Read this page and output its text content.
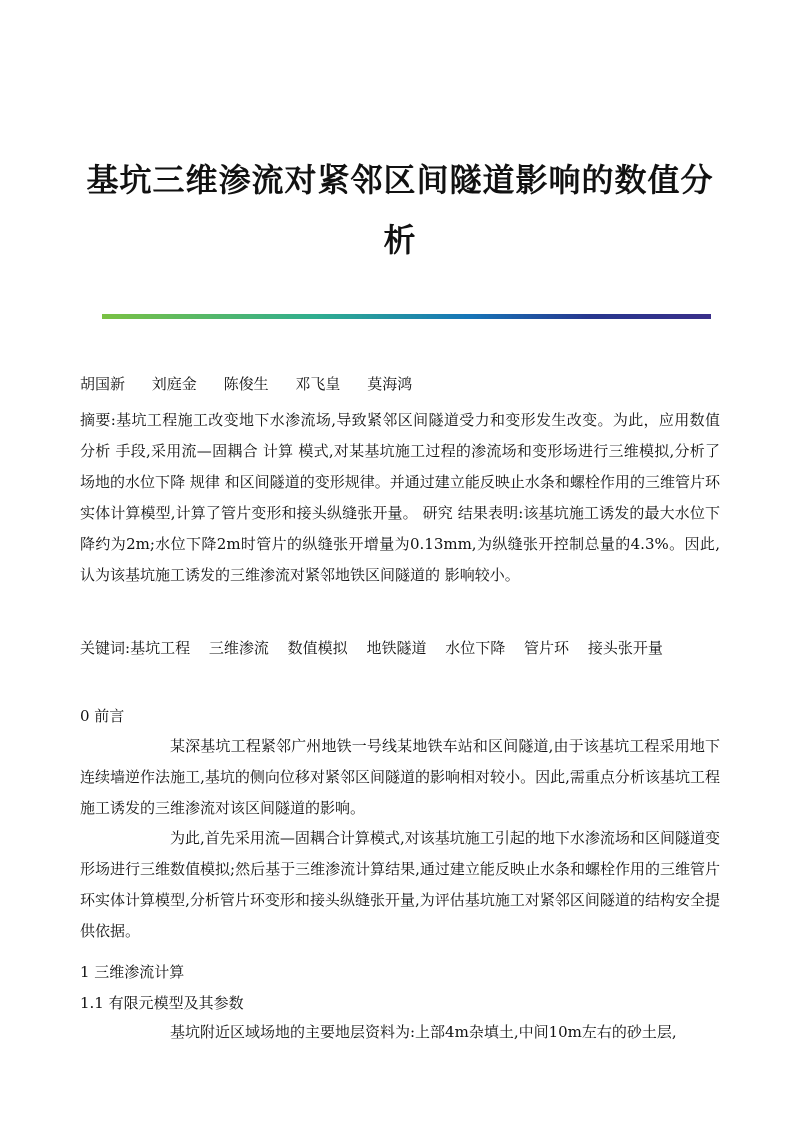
基坑三维渗流对紧邻区间隧道影响的数值分析
胡国新 刘庭金 陈俊生 邓飞皇 莫海鸿

摘要:基坑工程施工改变地下水渗流场,导致紧邻区间隧道受力和变形发生改变。为此，应用数值 分析 手段,采用流—固耦合 计算 模式,对某基坑施工过程的渗流场和变形场进行三维模拟,分析了场地的水位下降 规律 和区间隧道的变形规律。并通过建立能反映止水条和螺栓作用的三维管片环实体计算模型,计算了管片变形和接头纵缝张开量。 研究 结果表明:该基坑施工诱发的最大水位下降约为2m;水位下降2m时管片的纵缝张开增量为0.13mm,为纵缝张开控制总量的4.3%。因此,认为该基坑施工诱发的三维渗流对紧邻地铁区间隧道的 影响较小。

关键词:基坑工程 三维渗流 数值模拟 地铁隧道 水位下降 管片环 接头张开量
0 前言

某深基坑工程紧邻广州地铁一号线某地铁车站和区间隧道,由于该基坑工程采用地下连续墙逆作法施工,基坑的侧向位移对紧邻区间隧道的影响相对较小。因此,需重点分析该基坑工程施工诱发的三维渗流对该区间隧道的影响。

为此,首先采用流—固耦合计算模式,对该基坑施工引起的地下水渗流场和区间隧道变形场进行三维数值模拟;然后基于三维渗流计算结果,通过建立能反映止水条和螺栓作用的三维管片环实体计算模型,分析管片环变形和接头纵缝张开量,为评估基坑施工对紧邻区间隧道的结构安全提供依据。

1 三维渗流计算
1.1 有限元模型及其参数

基坑附近区域场地的主要地层资料为:上部4m杂填土,中间10m左右的砂土层,
